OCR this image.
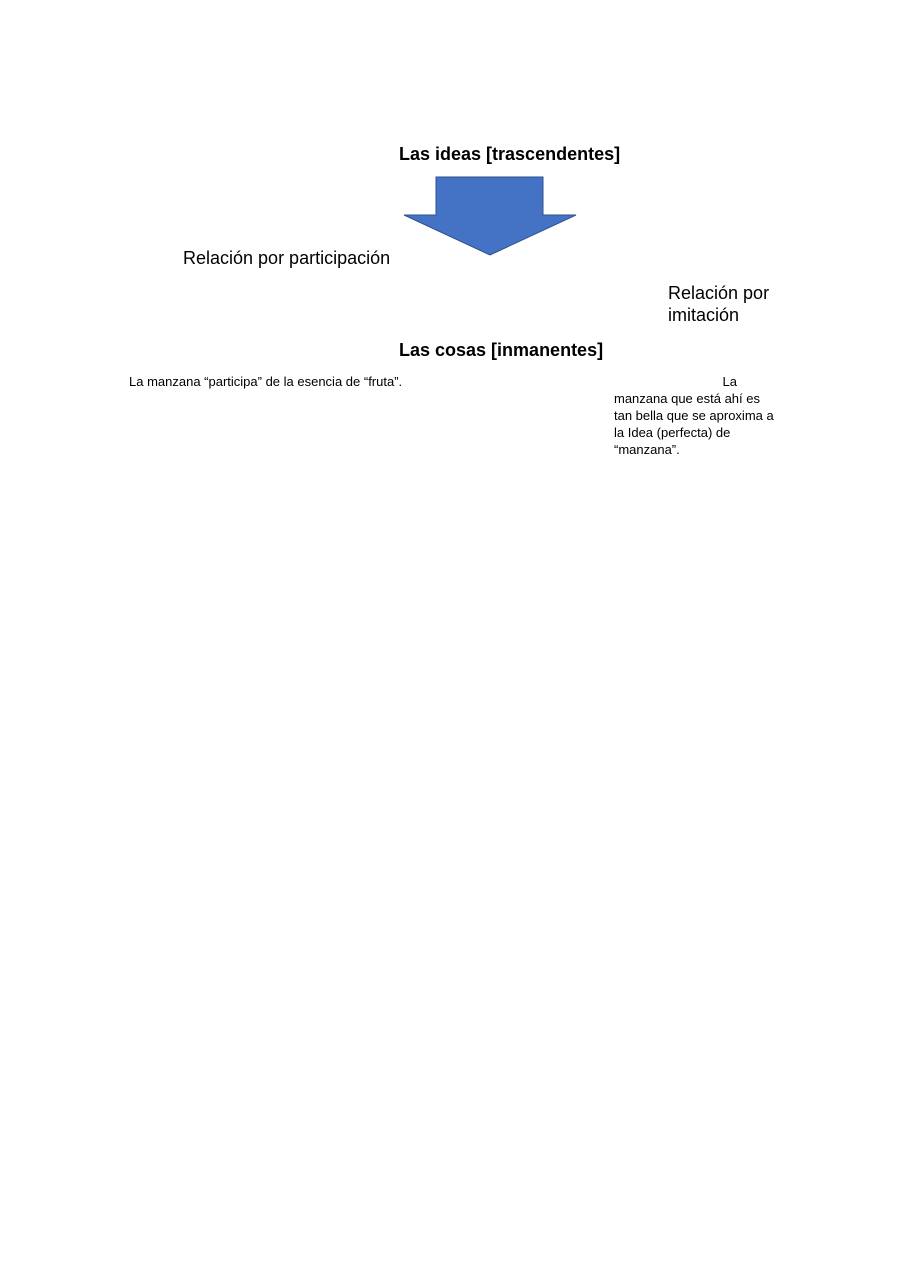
Las ideas [trascendentes]
Relación por participación
Relación por imitación
Las cosas [inmanentes]
La manzana “participa” de la esencia de “fruta”.	La
manzana que está ahí es tan bella que se aproxima a la Idea (perfecta) de “manzana”.
